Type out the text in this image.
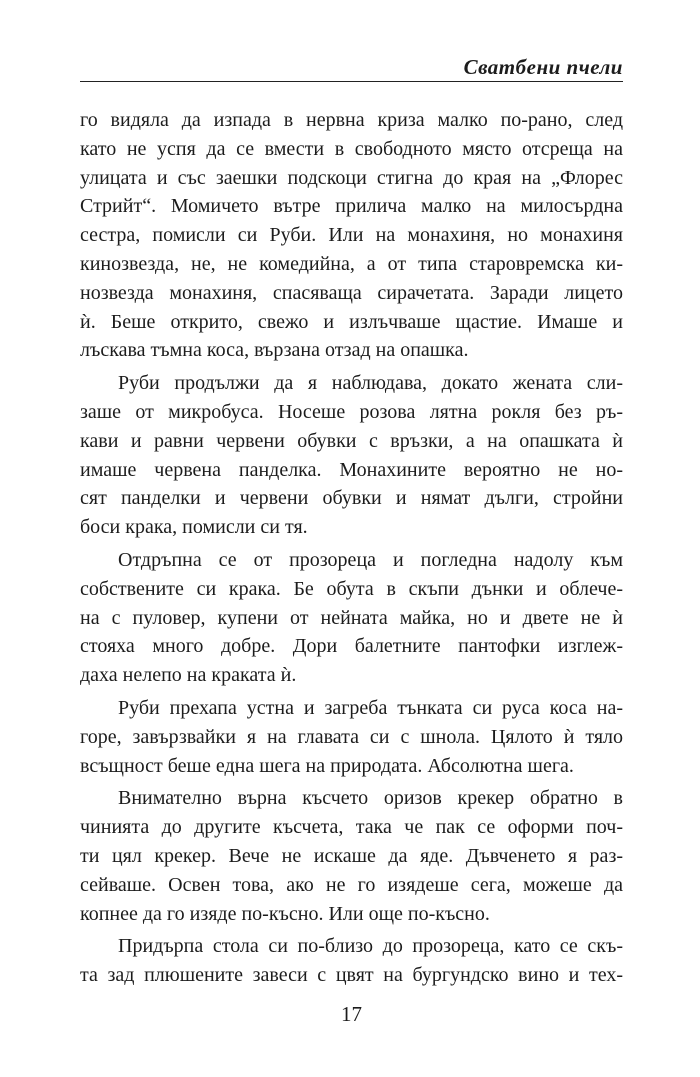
Сватбени пчели

го видяла да изпада в нервна криза малко по-рано, след
като не успя да се вмести в свободното място отсреща на
улицата и със заешки подскоци стигна до края на „Флорес
Стрийт“. Момичето вътре прилича малко на милосърдна
сестра, помисли си Руби. Или на монахиня, но монахиня
кинозвезда, не, не комедийна, а от типа старовремска ки-
нозвезда монахиня, спасяваща сирачетата. Заради лицето
ѝ. Беше открито, свежо и излъчваше щастие. Имаше и
лъскава тъмна коса, вързана отзад на опашка.

Руби продължи да я наблюдава, докато жената сли-
заше от микробуса. Носеше розова лятна рокля без ръ-
кави и равни червени обувки с връзки, а на опашката ѝ
имаше червена панделка. Монахините вероятно не но-
сят панделки и червени обувки и нямат дълги, стройни
боси крака, помисли си тя.

Отдръпна се от прозореца и погледна надолу към
собствените си крака. Бе обута в скъпи дънки и облече-
на с пуловер, купени от нейната майка, но и двете не ѝ
стояха много добре. Дори балетните пантофки изглеж-
даха нелепо на краката ѝ.

Руби прехапа устна и загреба тънката си руса коса на-
горе, завързвайки я на главата си с шнола. Цялото ѝ тяло
всъщност беше една шега на природата. Абсолютна шега.

Внимателно върна късчето оризов крекер обратно в
чинията до другите късчета, така че пак се оформи поч-
ти цял крекер. Вече не искаше да яде. Дъвченето я раз-
сейваше. Освен това, ако не го изядеше сега, можеше да
копнее да го изяде по-късно. Или още по-късно.

Придърпа стола си по-близо до прозореца, като се скъ-
та зад плюшените завеси с цвят на бургундско вино и тех-

17
